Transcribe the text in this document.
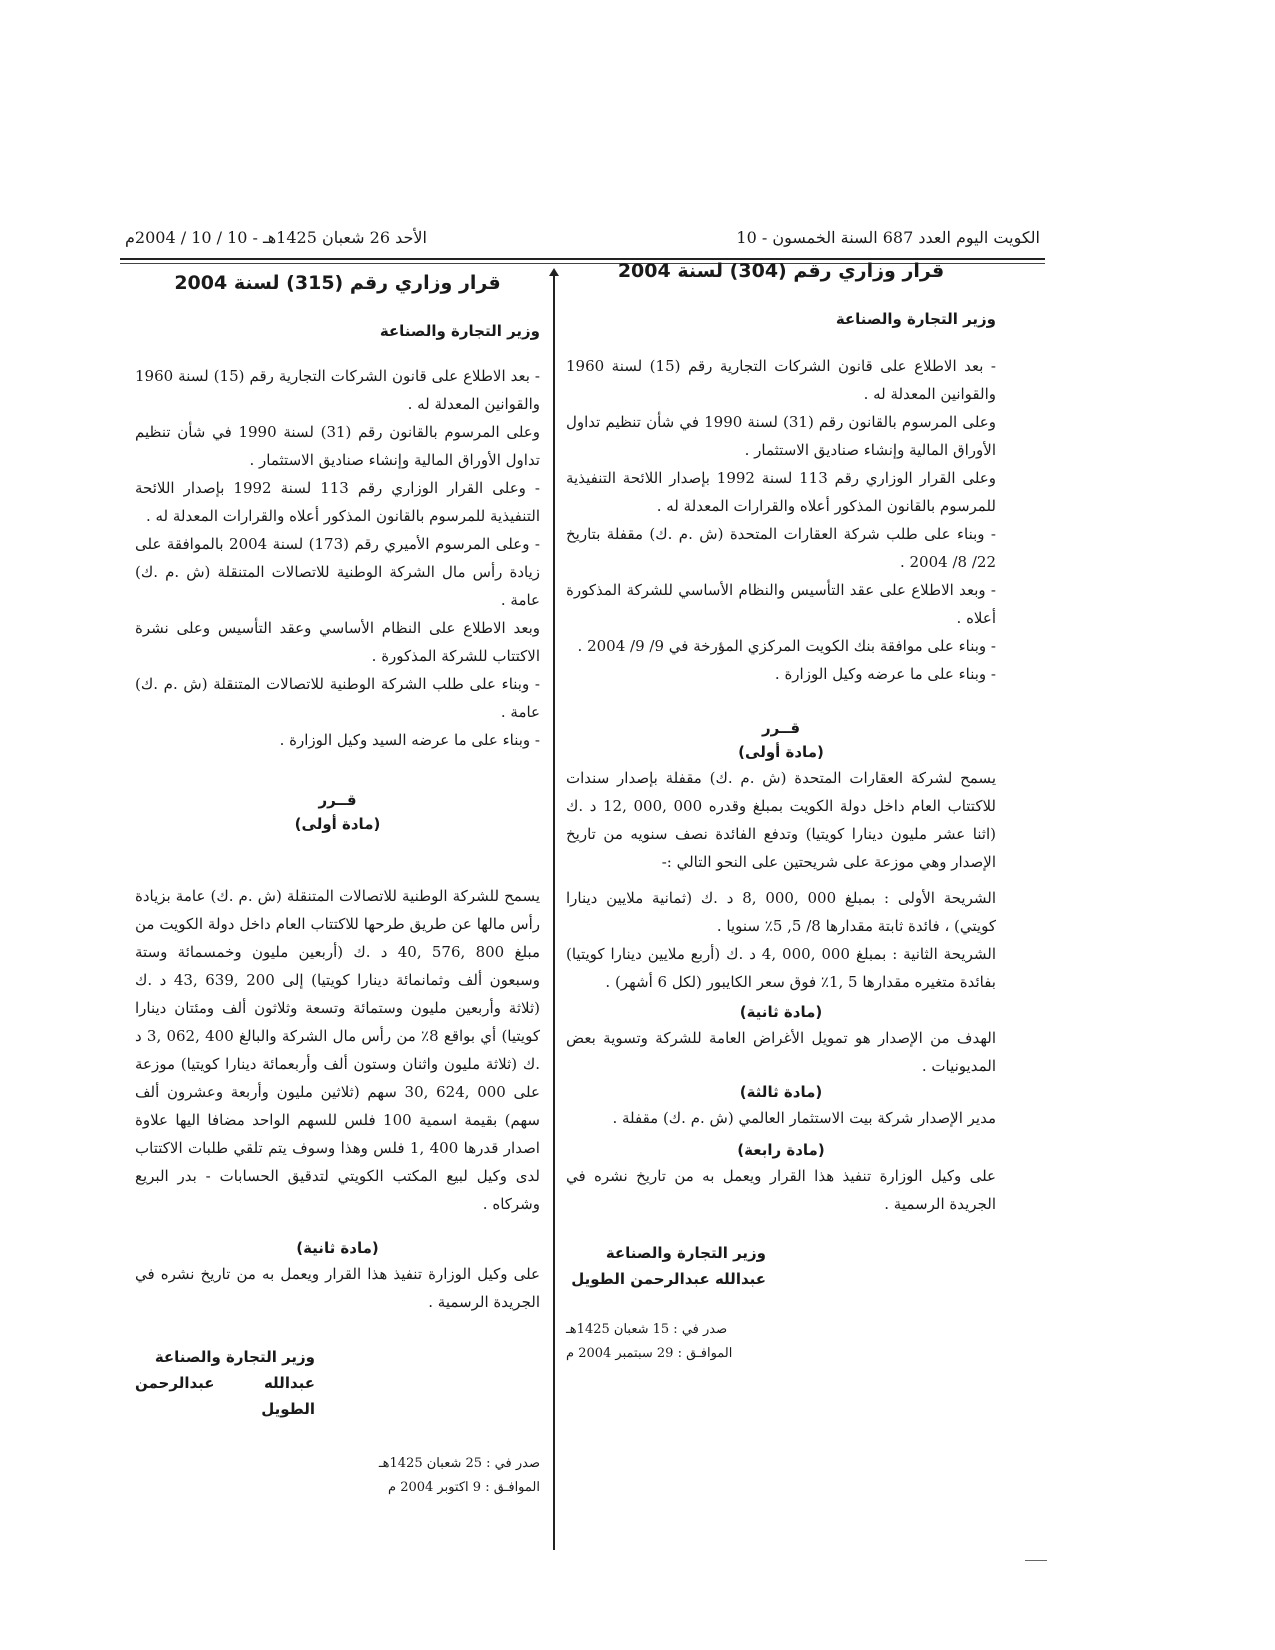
الكويت اليوم العدد 687 السنة الخمسون - 10
الأحد 26 شعبان 1425هـ - 10 / 10 / 2004م
قرار وزاري رقم (304) لسنة 2004

وزير التجارة والصناعة

- بعد الاطلاع على قانون الشركات التجارية رقم (15) لسنة 1960 والقوانين المعدلة له .

وعلى المرسوم بالقانون رقم (31) لسنة 1990 في شأن تنظيم تداول الأوراق المالية وإنشاء صناديق الاستثمار .

وعلى القرار الوزاري رقم 113 لسنة 1992 بإصدار اللائحة التنفيذية للمرسوم بالقانون المذكور أعلاه والقرارات المعدلة له .

- وبناء على طلب شركة العقارات المتحدة (ش .م .ك) مقفلة بتاريخ 22/ 8/ 2004 .

- وبعد الاطلاع على عقد التأسيس والنظام الأساسي للشركة المذكورة أعلاه .

- وبناء على موافقة بنك الكويت المركزي المؤرخة في 9/ 9/ 2004 .

- وبناء على ما عرضه وكيل الوزارة .

قــرر

(مادة أولى)

يسمح لشركة العقارات المتحدة (ش .م .ك) مقفلة بإصدار سندات للاكتتاب العام داخل دولة الكويت بمبلغ وقدره 000 ,000 ,12 د .ك (اثنا عشر مليون دينارا كويتيا) وتدفع الفائدة نصف سنويه من تاريخ الإصدار وهي موزعة على شريحتين على النحو التالي :-

الشريحة الأولى : بمبلغ 000 ,000 ,8 د .ك (ثمانية ملايين دينارا كويتي) ، فائدة ثابتة مقدارها 8/ 5, 5٪ سنويا .

الشريحة الثانية : بمبلغ 000 ,000 ,4 د .ك (أربع ملايين دينارا كويتيا) بفائدة متغيره مقدارها 5 ,1٪ فوق سعر الكايبور (لكل 6 أشهر) .

(مادة ثانية)

الهدف من الإصدار هو تمويل الأغراض العامة للشركة وتسوية بعض المديونيات .

(مادة ثالثة)

مدير الإصدار شركة بيت الاستثمار العالمي (ش .م .ك) مقفلة .

(مادة رابعة)

على وكيل الوزارة تنفيذ هذا القرار ويعمل به من تاريخ نشره في الجريدة الرسمية .

وزير التجارة والصناعة
عبدالله عبدالرحمن الطويل
صدر في : 15 شعبان 1425هـ
الموافـق : 29 سبتمبر 2004 م
قرار وزاري رقم (315) لسنة 2004

وزير التجارة والصناعة

- بعد الاطلاع على قانون الشركات التجارية رقم (15) لسنة 1960 والقوانين المعدلة له .

وعلى المرسوم بالقانون رقم (31) لسنة 1990 في شأن تنظيم تداول الأوراق المالية وإنشاء صناديق الاستثمار .

- وعلى القرار الوزاري رقم 113 لسنة 1992 بإصدار اللائحة التنفيذية للمرسوم بالقانون المذكور أعلاه والقرارات المعدلة له .

- وعلى المرسوم الأميري رقم (173) لسنة 2004 بالموافقة على زيادة رأس مال الشركة الوطنية للاتصالات المتنقلة (ش .م .ك) عامة .

وبعد الاطلاع على النظام الأساسي وعقد التأسيس وعلى نشرة الاكتتاب للشركة المذكورة .

- وبناء على طلب الشركة الوطنية للاتصالات المتنقلة (ش .م .ك) عامة .

- وبناء على ما عرضه السيد وكيل الوزارة .

قــرر

(مادة أولى)

يسمح للشركة الوطنية للاتصالات المتنقلة (ش .م .ك) عامة بزيادة رأس مالها عن طريق طرحها للاكتتاب العام داخل دولة الكويت من مبلغ 800 ,576 ,40 د .ك (أربعين مليون وخمسمائة وستة وسبعون ألف وثمانمائة دينارا كويتيا) إلى 200 ,639 ,43 د .ك (ثلاثة وأربعين مليون وستمائة وتسعة وثلاثون ألف ومئتان دينارا كويتيا) أي بواقع 8٪ من رأس مال الشركة والبالغ 400 ,062 ,3 د .ك (ثلاثة مليون واثنان وستون ألف وأربعمائة دينارا كويتيا) موزعة على 000 ,624 ,30 سهم (ثلاثين مليون وأربعة وعشرون ألف سهم) بقيمة اسمية 100 فلس للسهم الواحد مضافا اليها علاوة اصدار قدرها 400 ,1 فلس وهذا وسوف يتم تلقي طلبات الاكتتاب لدى وكيل لبيع المكتب الكويتي لتدقيق الحسابات - بدر البريع وشركاه .

(مادة ثانية)

على وكيل الوزارة تنفيذ هذا القرار ويعمل به من تاريخ نشره في الجريدة الرسمية .

وزير التجارة والصناعة
عبدالله عبدالرحمن الطويل
صدر في : 25 شعبان 1425هـ
الموافـق : 9 اكتوبر 2004 م
